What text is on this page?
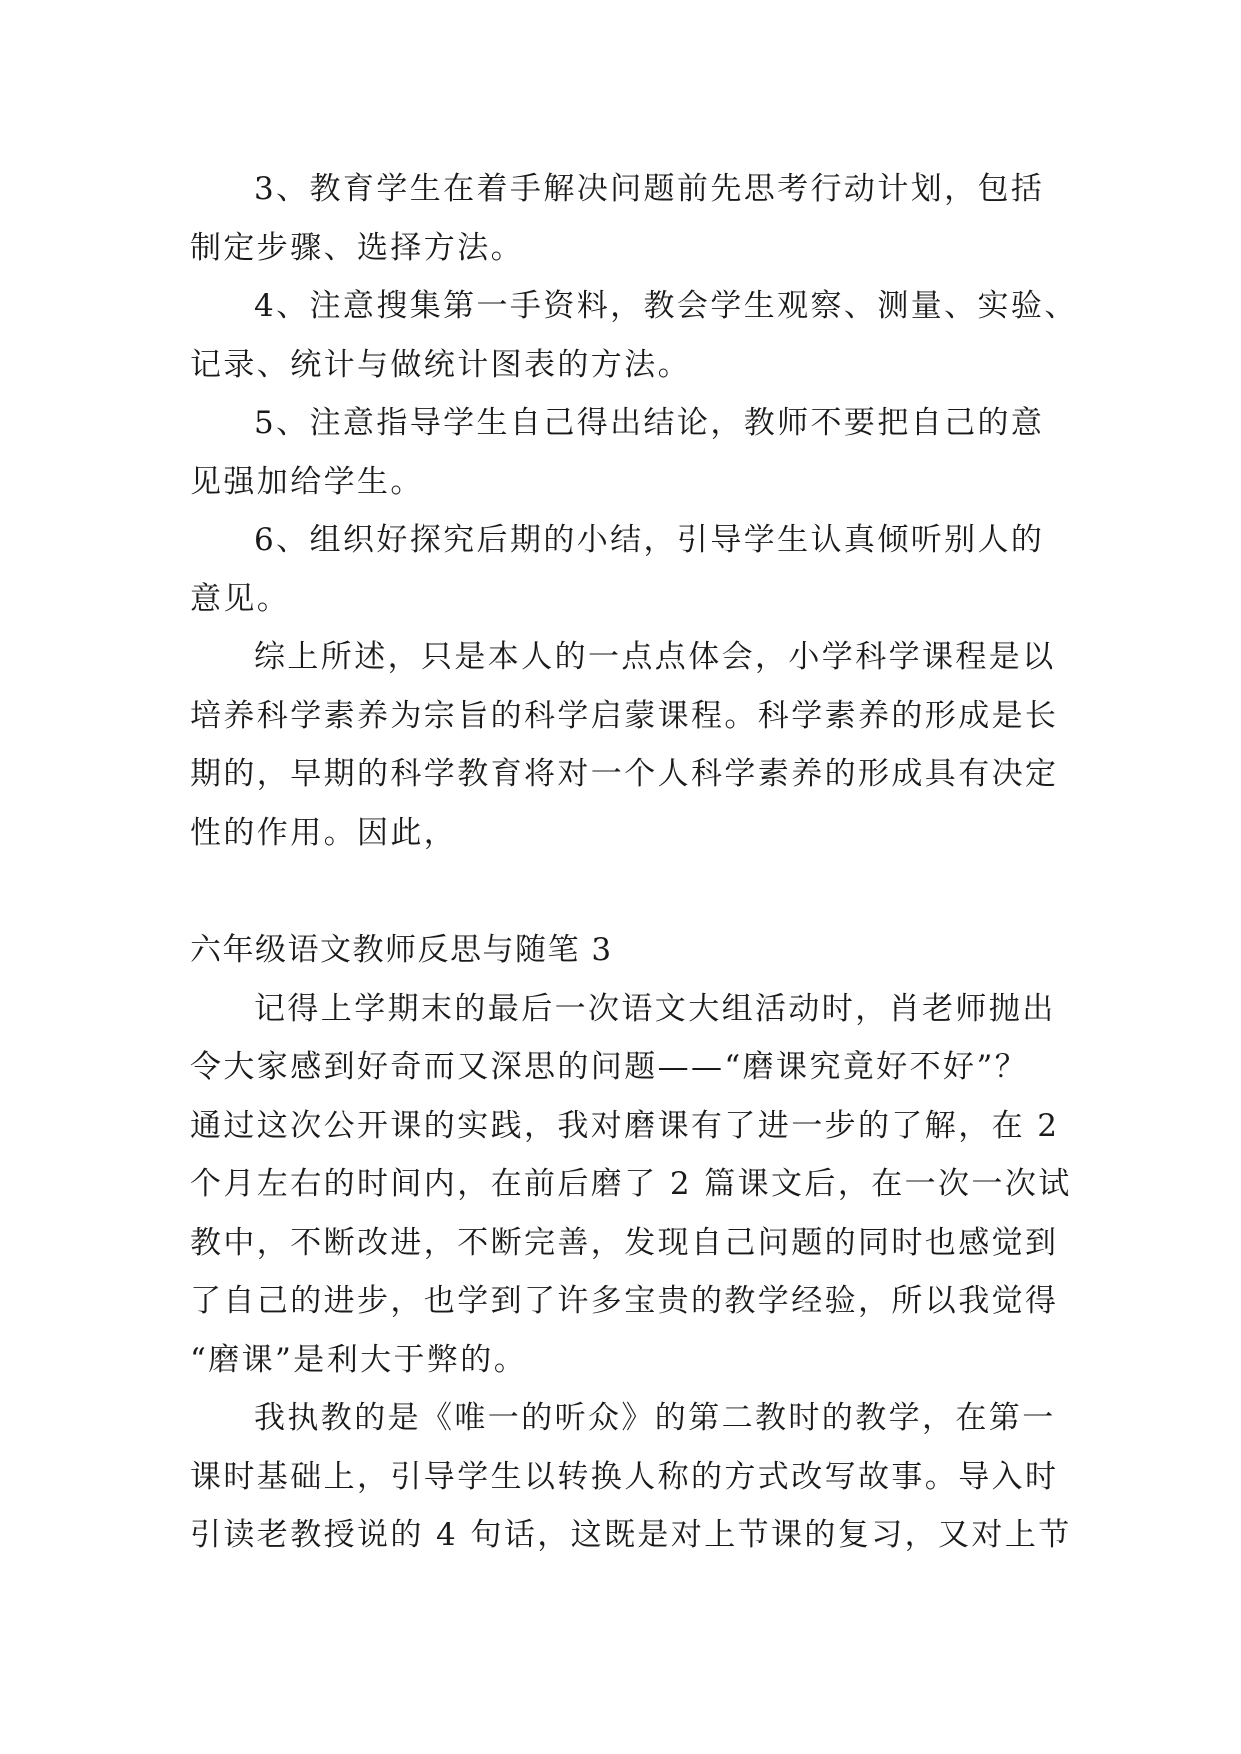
3、教育学生在着手解决问题前先思考行动计划，包括
制定步骤、选择方法。
4、注意搜集第一手资料，教会学生观察、测量、实验、
记录、统计与做统计图表的方法。
5、注意指导学生自己得出结论，教师不要把自己的意
见强加给学生。
6、组织好探究后期的小结，引导学生认真倾听别人的
意见。
综上所述，只是本人的一点点体会，小学科学课程是以
培养科学素养为宗旨的科学启蒙课程。科学素养的形成是长
期的，早期的科学教育将对一个人科学素养的形成具有决定
性的作用。因此，
六年级语文教师反思与随笔 3
记得上学期末的最后一次语文大组活动时，肖老师抛出
令大家感到好奇而又深思的问题——“磨课究竟好不好”？
通过这次公开课的实践，我对磨课有了进一步的了解，在 2
个月左右的时间内，在前后磨了 2 篇课文后，在一次一次试
教中，不断改进，不断完善，发现自己问题的同时也感觉到
了自己的进步，也学到了许多宝贵的教学经验，所以我觉得
“磨课”是利大于弊的。
我执教的是《唯一的听众》的第二教时的教学，在第一
课时基础上，引导学生以转换人称的方式改写故事。导入时
引读老教授说的 4 句话，这既是对上节课的复习，又对上节
